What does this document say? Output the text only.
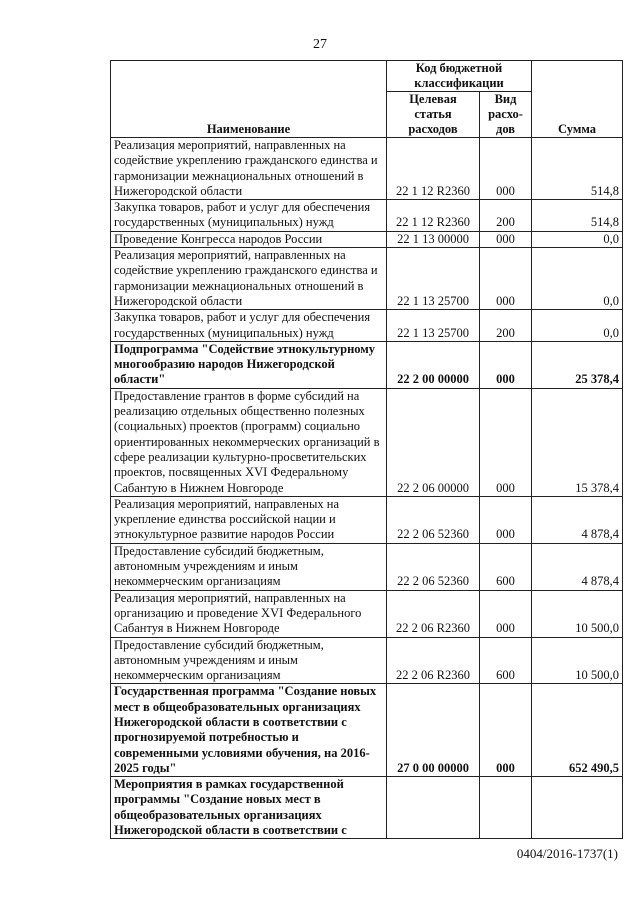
27
Наименование	Код бюджетной классификации		Сумма
	Целевая статья расходов	Вид расхо-дов	
Реализация мероприятий, направленных на содействие укреплению гражданского единства и гармонизации межнациональных отношений в Нижегородской области	22 1 12 R2360	000	514,8
Закупка товаров, работ и услуг для обеспечения государственных (муниципальных) нужд	22 1 12 R2360	200	514,8
Проведение Конгресса народов России	22 1 13 00000	000	0,0
Реализация мероприятий, направленных на содействие укреплению гражданского единства и гармонизации межнациональных отношений в Нижегородской области	22 1 13 25700	000	0,0
Закупка товаров, работ и услуг для обеспечения государственных (муниципальных) нужд	22 1 13 25700	200	0,0
Подпрограмма "Содействие этнокультурному многообразию народов Нижегородской области"	22 2 00 00000	000	25 378,4
Предоставление грантов в форме субсидий на реализацию отдельных общественно полезных (социальных) проектов (программ) социально ориентированных некоммерческих организаций в сфере реализации культурно-просветительских проектов, посвященных XVI Федеральному Сабантую в Нижнем Новгороде	22 2 06 00000	000	15 378,4
Реализация мероприятий, направленых на укрепление единства российской нации и этнокультурное развитие народов России	22 2 06 52360	000	4 878,4
Предоставление субсидий бюджетным, автономным учреждениям и иным некоммерческим организациям	22 2 06 52360	600	4 878,4
Реализация мероприятий, направленных на организацию и проведение XVI Федерального Сабантуя в Нижнем Новгороде	22 2 06 R2360	000	10 500,0
Предоставление субсидий бюджетным, автономным учреждениям и иным некоммерческим организациям	22 2 06 R2360	600	10 500,0
Государственная программа "Создание новых мест в общеобразовательных организациях Нижегородской области в соответствии с прогнозируемой потребностью и современными условиями обучения, на 2016-2025 годы"	27 0 00 00000	000	652 490,5
Мероприятия в рамках государственной программы "Создание новых мест в общеобразовательных организациях Нижегородской области в соответствии с			
0404/2016-1737(1)
